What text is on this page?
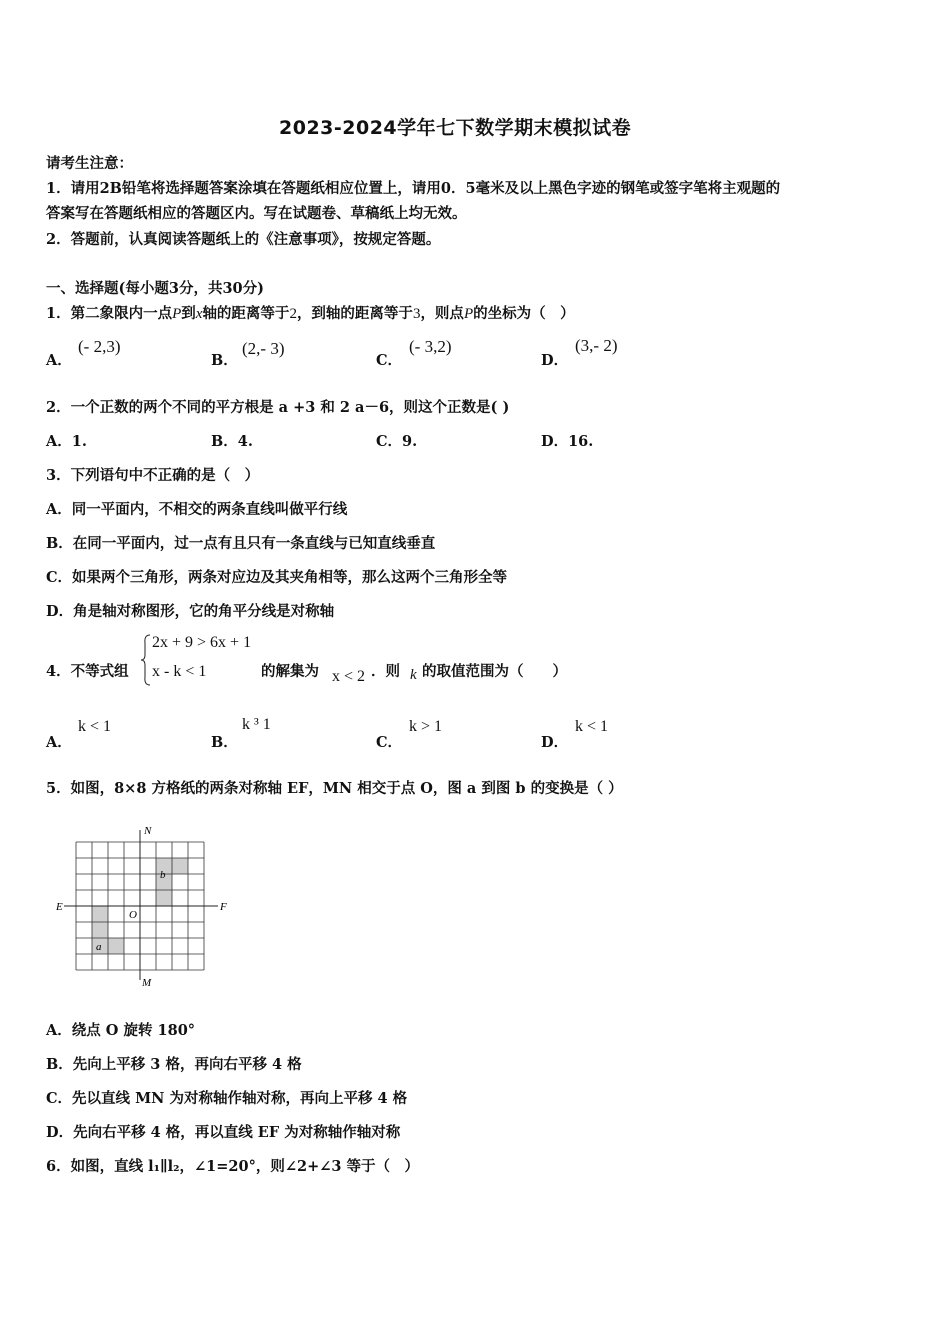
2023-2024学年七下数学期末模拟试卷
请考生注意：
1．请用2B铅笔将选择题答案涂填在答题纸相应位置上，请用0．5毫米及以上黑色字迹的钢笔或签字笔将主观题的
答案写在答题纸相应的答题区内。写在试题卷、草稿纸上均无效。
2．答题前，认真阅读答题纸上的《注意事项》，按规定答题。
一、选择题(每小题3分，共30分)
1．第二象限内一点P到x轴的距离等于2，到轴的距离等于3，则点P的坐标为（　）
A．
(- 2,3)
B．
(2,- 3)
C．
(- 3,2)
D．
(3,- 2)
2．一个正数的两个不同的平方根是 a +3 和 2 a－6，则这个正数是( )
A．1.	B．4.	C．9.	D．16.
3．下列语句中不正确的是（　）
A．同一平面内，不相交的两条直线叫做平行线
B．在同一平面内，过一点有且只有一条直线与已知直线垂直
C．如果两个三角形，两条对应边及其夹角相等，那么这两个三角形全等
D．角是轴对称图形，它的角平分线是对称轴
4．不等式组
2x + 9 > 6x + 1
x - k < 1	的解集为 x < 2 ．则 k 的取值范围为（　　）
A．
k < 1
B．
k ³ 1
C．
k > 1
D．
k < 1
5．如图，8×8 方格纸的两条对称轴 EF，MN 相交于点 O，图 a 到图 b 的变换是（ ）
N
M
E	F
O
a
b
A．绕点 O 旋转 180°
B．先向上平移 3 格，再向右平移 4 格
C．先以直线 MN 为对称轴作轴对称，再向上平移 4 格
D．先向右平移 4 格，再以直线 EF 为对称轴作轴对称
6．如图，直线 l₁∥l₂，∠1=20°，则∠2+∠3 等于（　）
